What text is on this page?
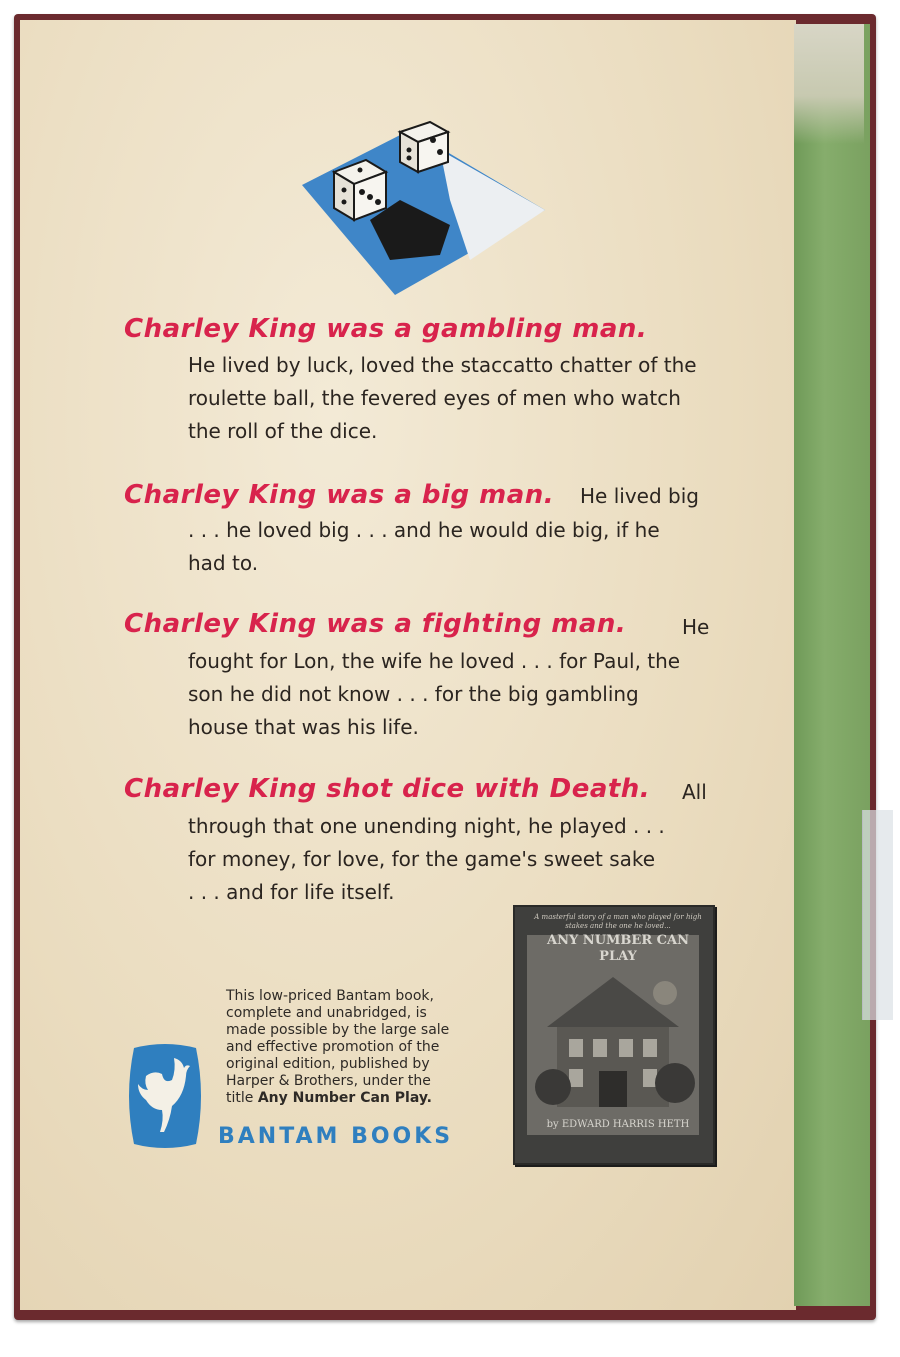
Charley King was a gambling man.
He lived by luck, loved the staccatto chatter of the
roulette ball, the fevered eyes of men who watch
the roll of the dice.
Charley King was a big man. He lived big
. . . he loved big . . . and he would die big, if he
had to.
Charley King was a fighting man.	He
fought for Lon, the wife he loved . . . for Paul, the
son he did not know . . . for the big gambling
house that was his life.
Charley King shot dice with Death. All
through that one unending night, he played . . .
for money, for love, for the game's sweet sake
. . . and for life itself.
This low-priced Bantam book,
complete and unabridged, is
made possible by the large sale
and effective promotion of the
original edition, published by
Harper & Brothers, under the
title Any Number Can Play.
BANTAM BOOKS
A masterful story of a man who played for high stakes and the one he loved...
ANY NUMBER CAN PLAY
by EDWARD HARRIS HETH
